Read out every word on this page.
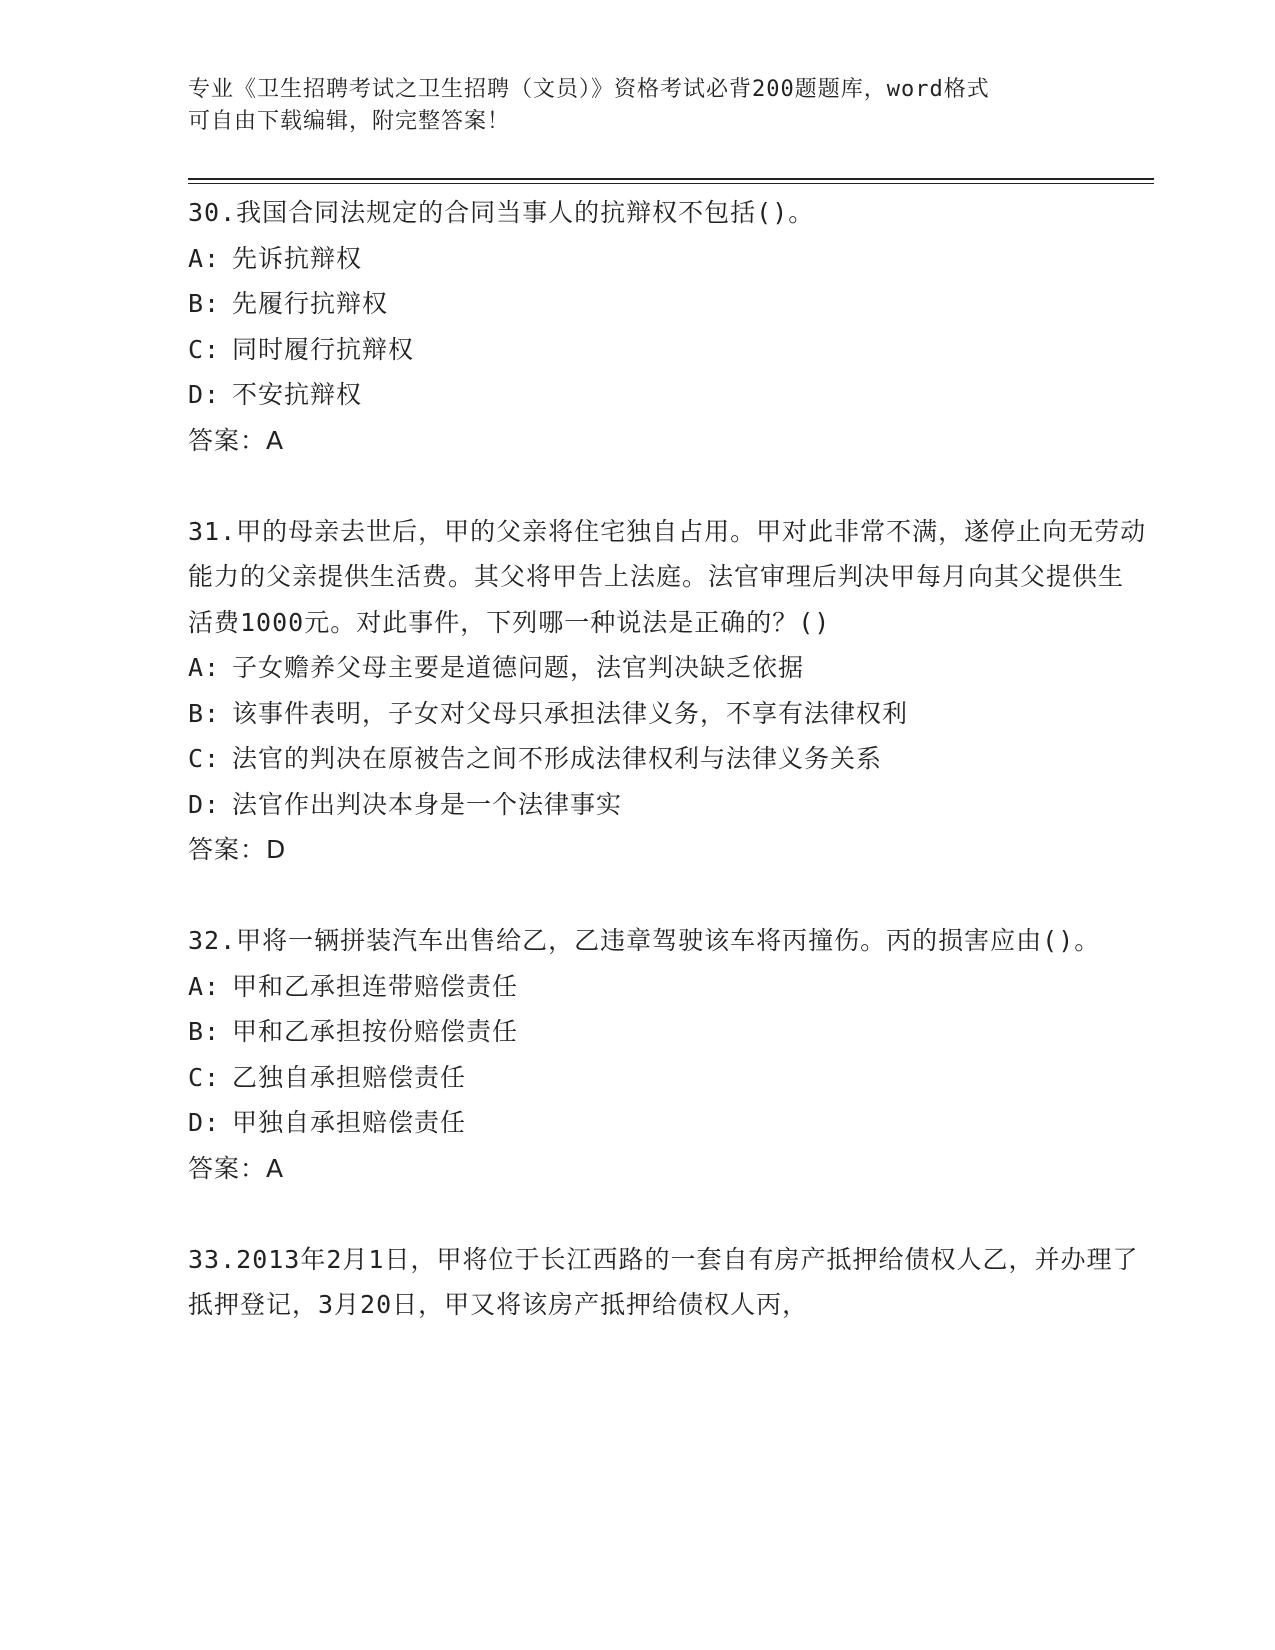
专业《卫生招聘考试之卫生招聘（文员）》资格考试必背200题题库，word格式
可自由下载编辑，附完整答案！

30.我国合同法规定的合同当事人的抗辩权不包括()。

A: 先诉抗辩权

B: 先履行抗辩权

C: 同时履行抗辩权

D: 不安抗辩权

答案：A

31.甲的母亲去世后，甲的父亲将住宅独自占用。甲对此非常不满，遂停止向无劳动能力的父亲提供生活费。其父将甲告上法庭。法官审理后判决甲每月向其父提供生活费1000元。对此事件，下列哪一种说法是正确的？()

A: 子女赡养父母主要是道德问题，法官判决缺乏依据

B: 该事件表明，子女对父母只承担法律义务，不享有法律权利

C: 法官的判决在原被告之间不形成法律权利与法律义务关系

D: 法官作出判决本身是一个法律事实

答案：D

32.甲将一辆拼装汽车出售给乙，乙违章驾驶该车将丙撞伤。丙的损害应由()。

A: 甲和乙承担连带赔偿责任

B: 甲和乙承担按份赔偿责任

C: 乙独自承担赔偿责任

D: 甲独自承担赔偿责任

答案：A

33.2013年2月1日，甲将位于长江西路的一套自有房产抵押给债权人乙，并办理了抵押登记，3月20日，甲又将该房产抵押给债权人丙，
